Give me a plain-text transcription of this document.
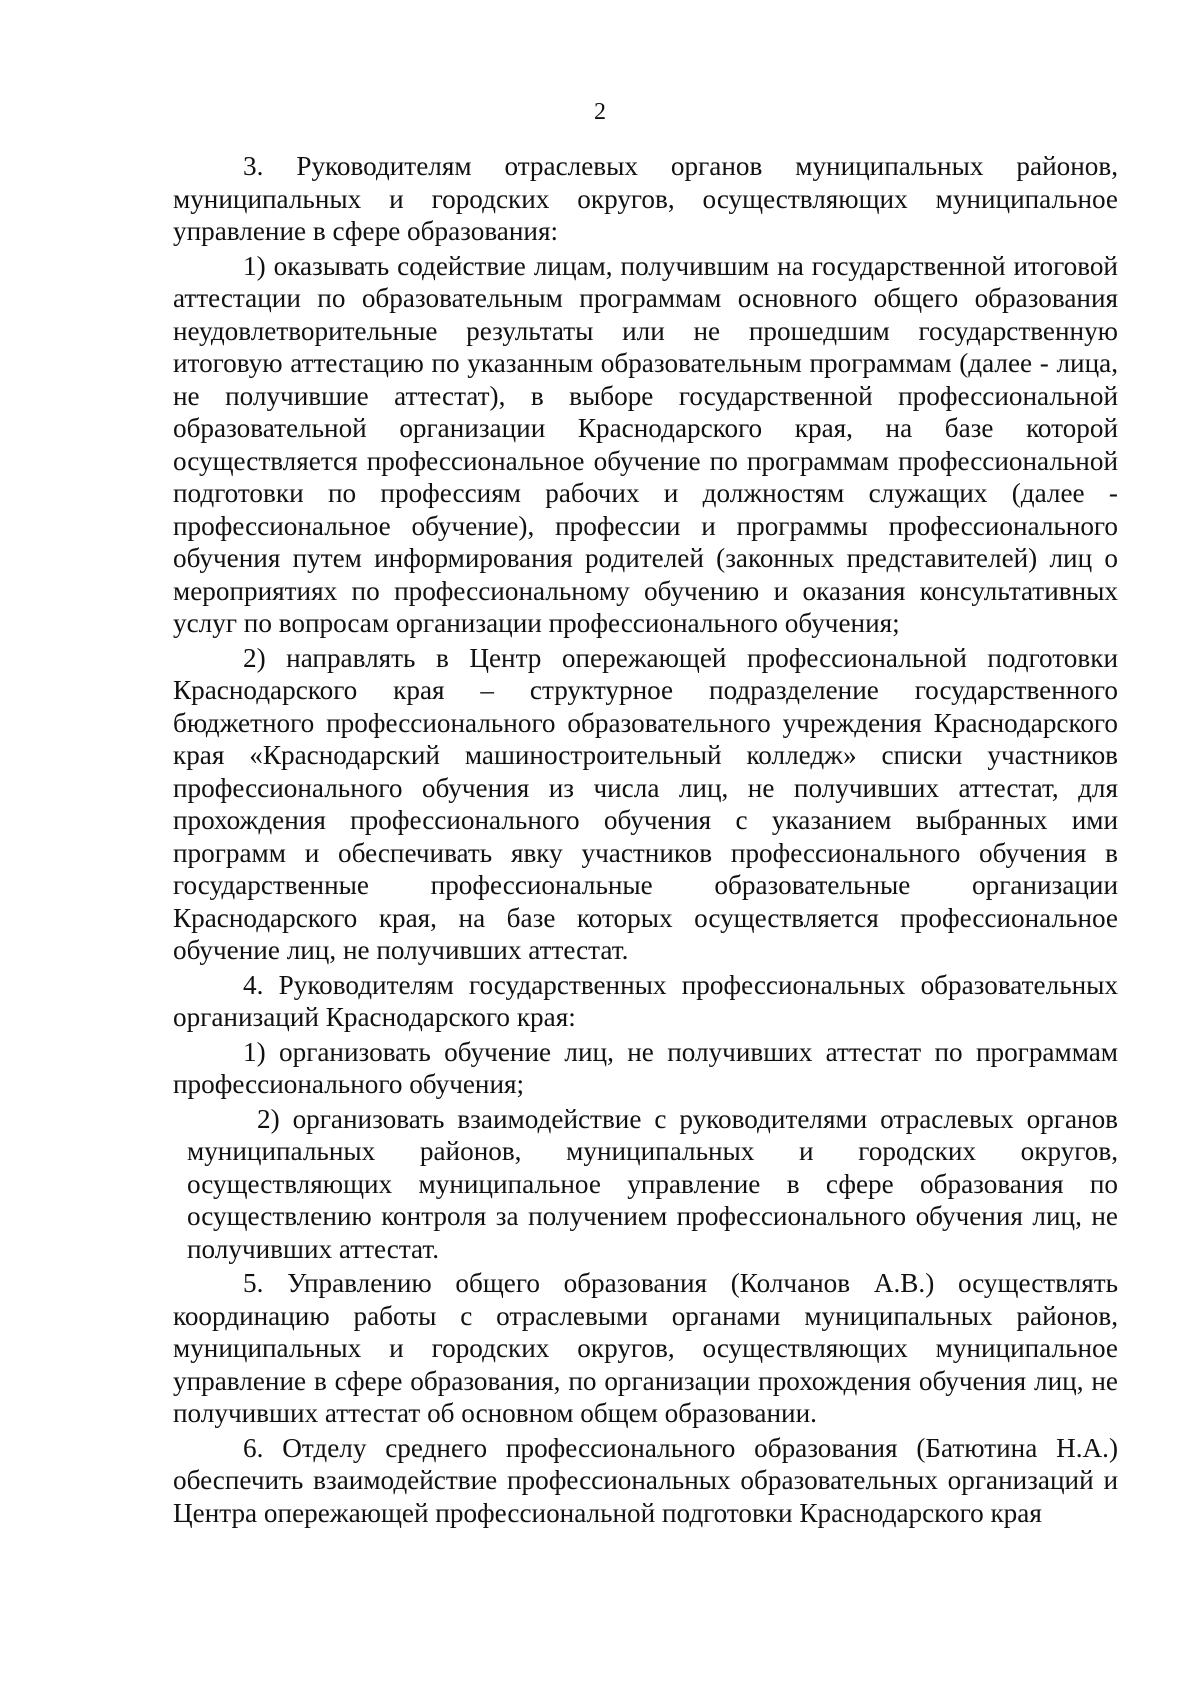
2

3. Руководителям отраслевых органов муниципальных районов, муниципальных и городских округов, осуществляющих муниципальное управление в сфере образования:

1) оказывать содействие лицам, получившим на государственной итоговой аттестации по образовательным программам основного общего образования неудовлетворительные результаты или не прошедшим государственную итоговую аттестацию по указанным образовательным программам (далее - лица, не получившие аттестат), в выборе государственной профессиональной образовательной организации Краснодарского края, на базе которой осуществляется профессиональное обучение по программам профессиональной подготовки по профессиям рабочих и должностям служащих (далее - профессиональное обучение), профессии и программы профессионального обучения путем информирования родителей (законных представителей) лиц о мероприятиях по профессиональному обучению и оказания консультативных услуг по вопросам организации профессионального обучения;

2) направлять в Центр опережающей профессиональной подготовки Краснодарского края – структурное подразделение государственного бюджетного профессионального образовательного учреждения Краснодарского края «Краснодарский машиностроительный колледж» списки участников профессионального обучения из числа лиц, не получивших аттестат, для прохождения профессионального обучения с указанием выбранных ими программ и обеспечивать явку участников профессионального обучения в государственные профессиональные образовательные организации Краснодарского края, на базе которых осуществляется профессиональное обучение лиц, не получивших аттестат.

4. Руководителям государственных профессиональных образовательных организаций Краснодарского края:

1) организовать обучение лиц, не получивших аттестат по программам профессионального обучения;

2) организовать взаимодействие с руководителями отраслевых органов муниципальных районов, муниципальных и городских округов, осуществляющих муниципальное управление в сфере образования по осуществлению контроля за получением профессионального обучения лиц, не получивших аттестат.

5. Управлению общего образования (Колчанов А.В.) осуществлять координацию работы с отраслевыми органами муниципальных районов, муниципальных и городских округов, осуществляющих муниципальное управление в сфере образования, по организации прохождения обучения лиц, не получивших аттестат об основном общем образовании.

6. Отделу среднего профессионального образования (Батютина Н.А.) обеспечить взаимодействие профессиональных образовательных организаций и Центра опережающей профессиональной подготовки Краснодарского края
